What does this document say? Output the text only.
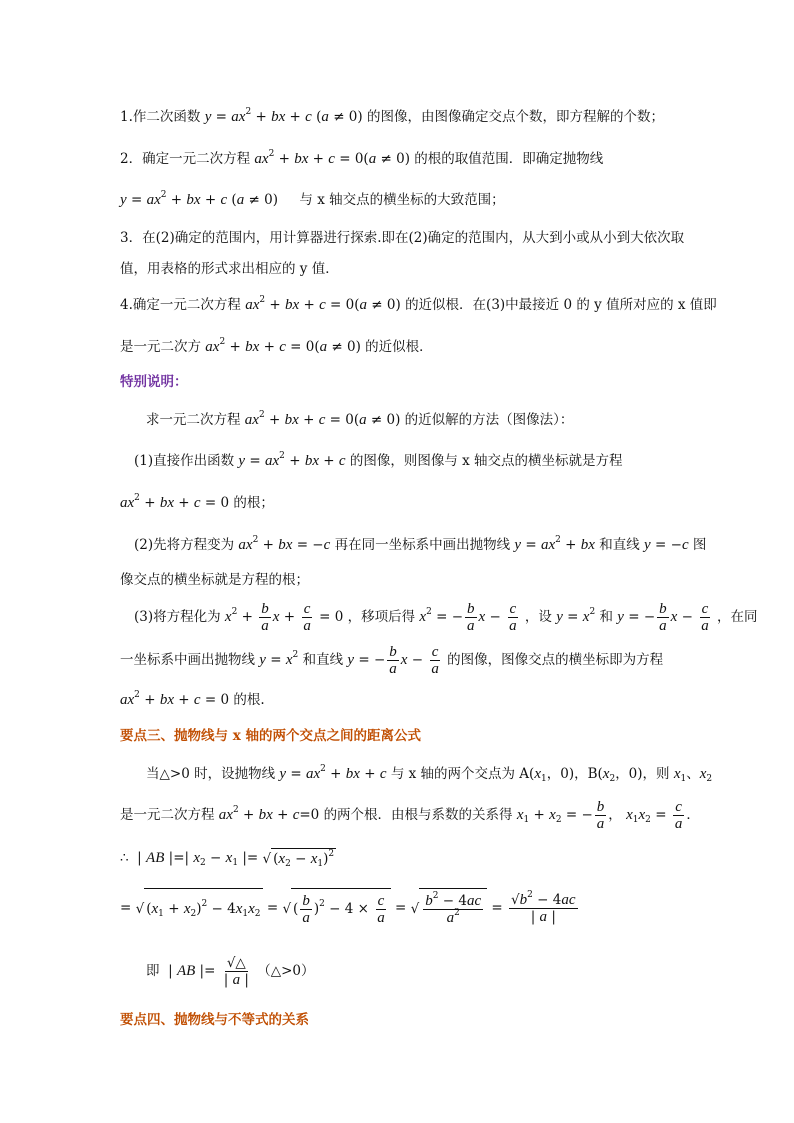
1.作二次函数 $y = ax^2$ + bx + c (a ≠ 0) 的图像，由图像确定交点个数，即方程解的个数；
2．确定一元二次方程 $ax^2$ + bx + c = 0(a ≠ 0) 的根的取值范围．即确定抛物线
$y = ax^2$ + bx + c (a ≠ 0)     与 x 轴交点的横坐标的大致范围；
3．在(2)确定的范围内，用计算器进行探索.即在(2)确定的范围内，从大到小或从小到大依次取
值，用表格的形式求出相应的 y 值．
4.确定一元二次方程 $ax^2$ + bx + c = 0(a ≠ 0) 的近似根．在(3)中最接近 0 的 y 值所对应的 x 值即
是一元二次方 $ax^2$ + bx + c = 0(a ≠ 0) 的近似根．
特别说明：
求一元二次方程 $ax^2$ + bx + c = 0(a ≠ 0) 的近似解的方法（图像法）：
(1)直接作出函数 $y = ax^2$ + bx + c 的图像，则图像与 x 轴交点的横坐标就是方程
$ax^2$ + bx + c = 0 的根；
(2)先将方程变为 $ax^2$ + bx = −c 再在同一坐标系中画出抛物线 $y = ax^2$ + bx 和直线 y = −c 图
像交点的横坐标就是方程的根；
(3)将方程化为 $x^2 + \frac{b}{a}$ $x + \frac{c}{a} = 0$ ，移项后得 $x^2$ = − $\frac{b}{a}$ $x - \frac{c}{a}$ ，设 $y = x^2$ 和 y = − $\frac{b}{a}$ $x - \frac{c}{a}$ ，在同
一坐标系中画出抛物线 $y = x^2$ 和直线 y = − $\frac{b}{a}$ $x - \frac{c}{a}$ 的图像，图像交点的横坐标即为方程
$ax^2$ + bx + c = 0 的根.
要点三、抛物线与 x 轴的两个交点之间的距离公式
当△>0 时，设抛物线 $y = ax^2$ + bx + c 与 x 轴的两个交点为 $A(x_1$，0)，$B(x_2$，0)，则 $x_1$、$x_2$
是一元二次方程 $ax^2$ + bx + c=0 的两个根．由根与系数的关系得 $x_1 + x_2$ = − $\frac{b}{a}$ ， $x_1x_2 = \frac{c}{a}$ ．
∴  | AB |=| $x_2 - x_1$ |= √ $(x_2 - x_1)^2$
= √ $(x_1 + x_2)^2 - 4x_1x_2$ = √ ( $\frac{b}{a} )^2 - 4 \times \frac{c}{a}$ = √ $\frac{b^2 - 4ac}{a^2} = \frac{√b^2 - 4ac}{| a |}$
即  | AB |= $\frac{√\triangle}{| a |}$ （△>0）
要点四、抛物线与不等式的关系
